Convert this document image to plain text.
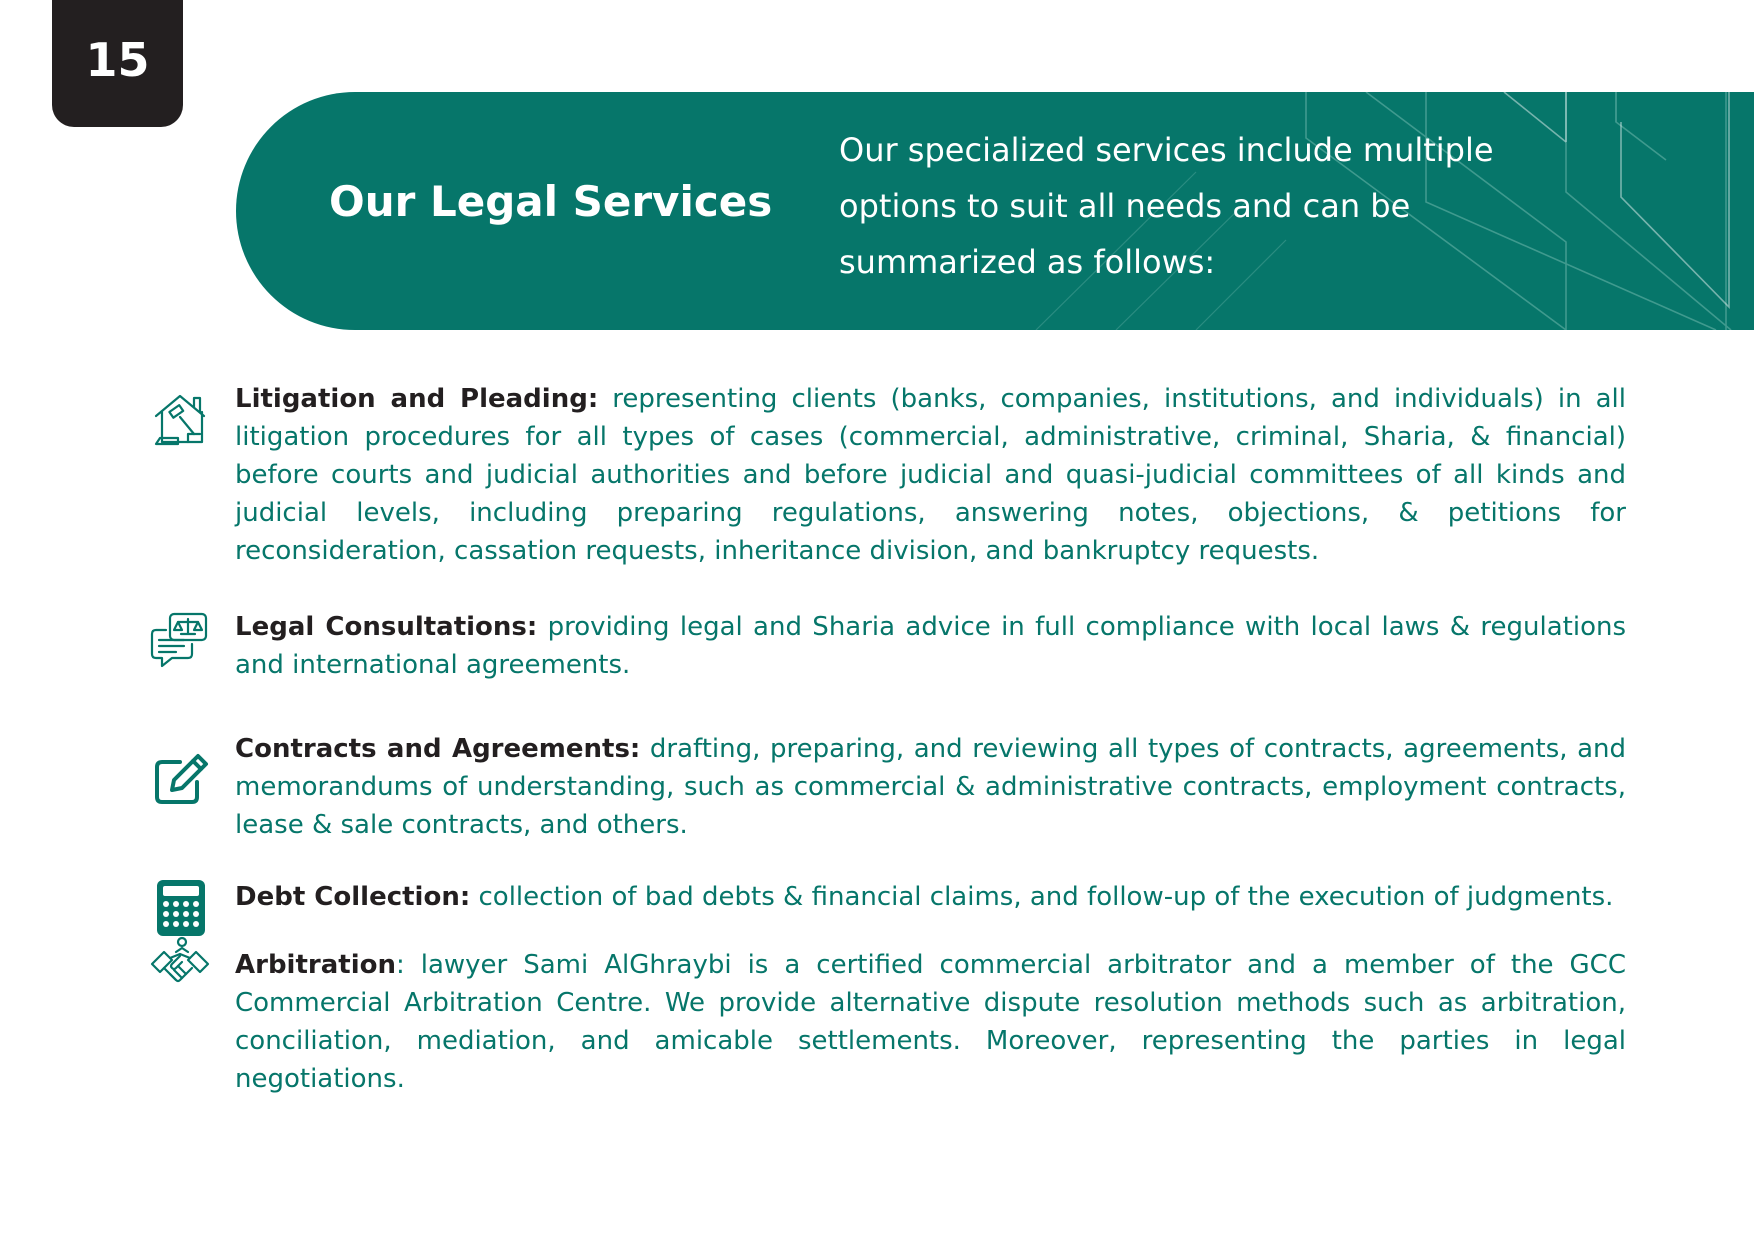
15
Our Legal Services
Our specialized services include multiple options to suit all needs and can be summarized as follows:

Litigation and Pleading: representing clients (banks, companies, institutions, and individuals) in all litigation procedures for all types of cases (commercial, administrative, criminal, Sharia, & financial) before courts and judicial authorities and before judicial and quasi-judicial committees of all kinds and judicial levels, including preparing regulations, answering notes, objections, & petitions for reconsideration, cassation requests, inheritance division, and bankruptcy requests.

Legal Consultations: providing legal and Sharia advice in full compliance with local laws & regulations and international agreements.

Contracts and Agreements: drafting, preparing, and reviewing all types of contracts, agreements, and memorandums of understanding, such as commercial & administrative contracts, employment contracts, lease & sale contracts, and others.

Debt Collection: collection of bad debts & financial claims, and follow-up of the execution of judgments.

Arbitration: lawyer Sami AlGhraybi is a certified commercial arbitrator and a member of the GCC Commercial Arbitration Centre. We provide alternative dispute resolution methods such as arbitration, conciliation, mediation, and amicable settlements. Moreover, representing the parties in legal negotiations.
